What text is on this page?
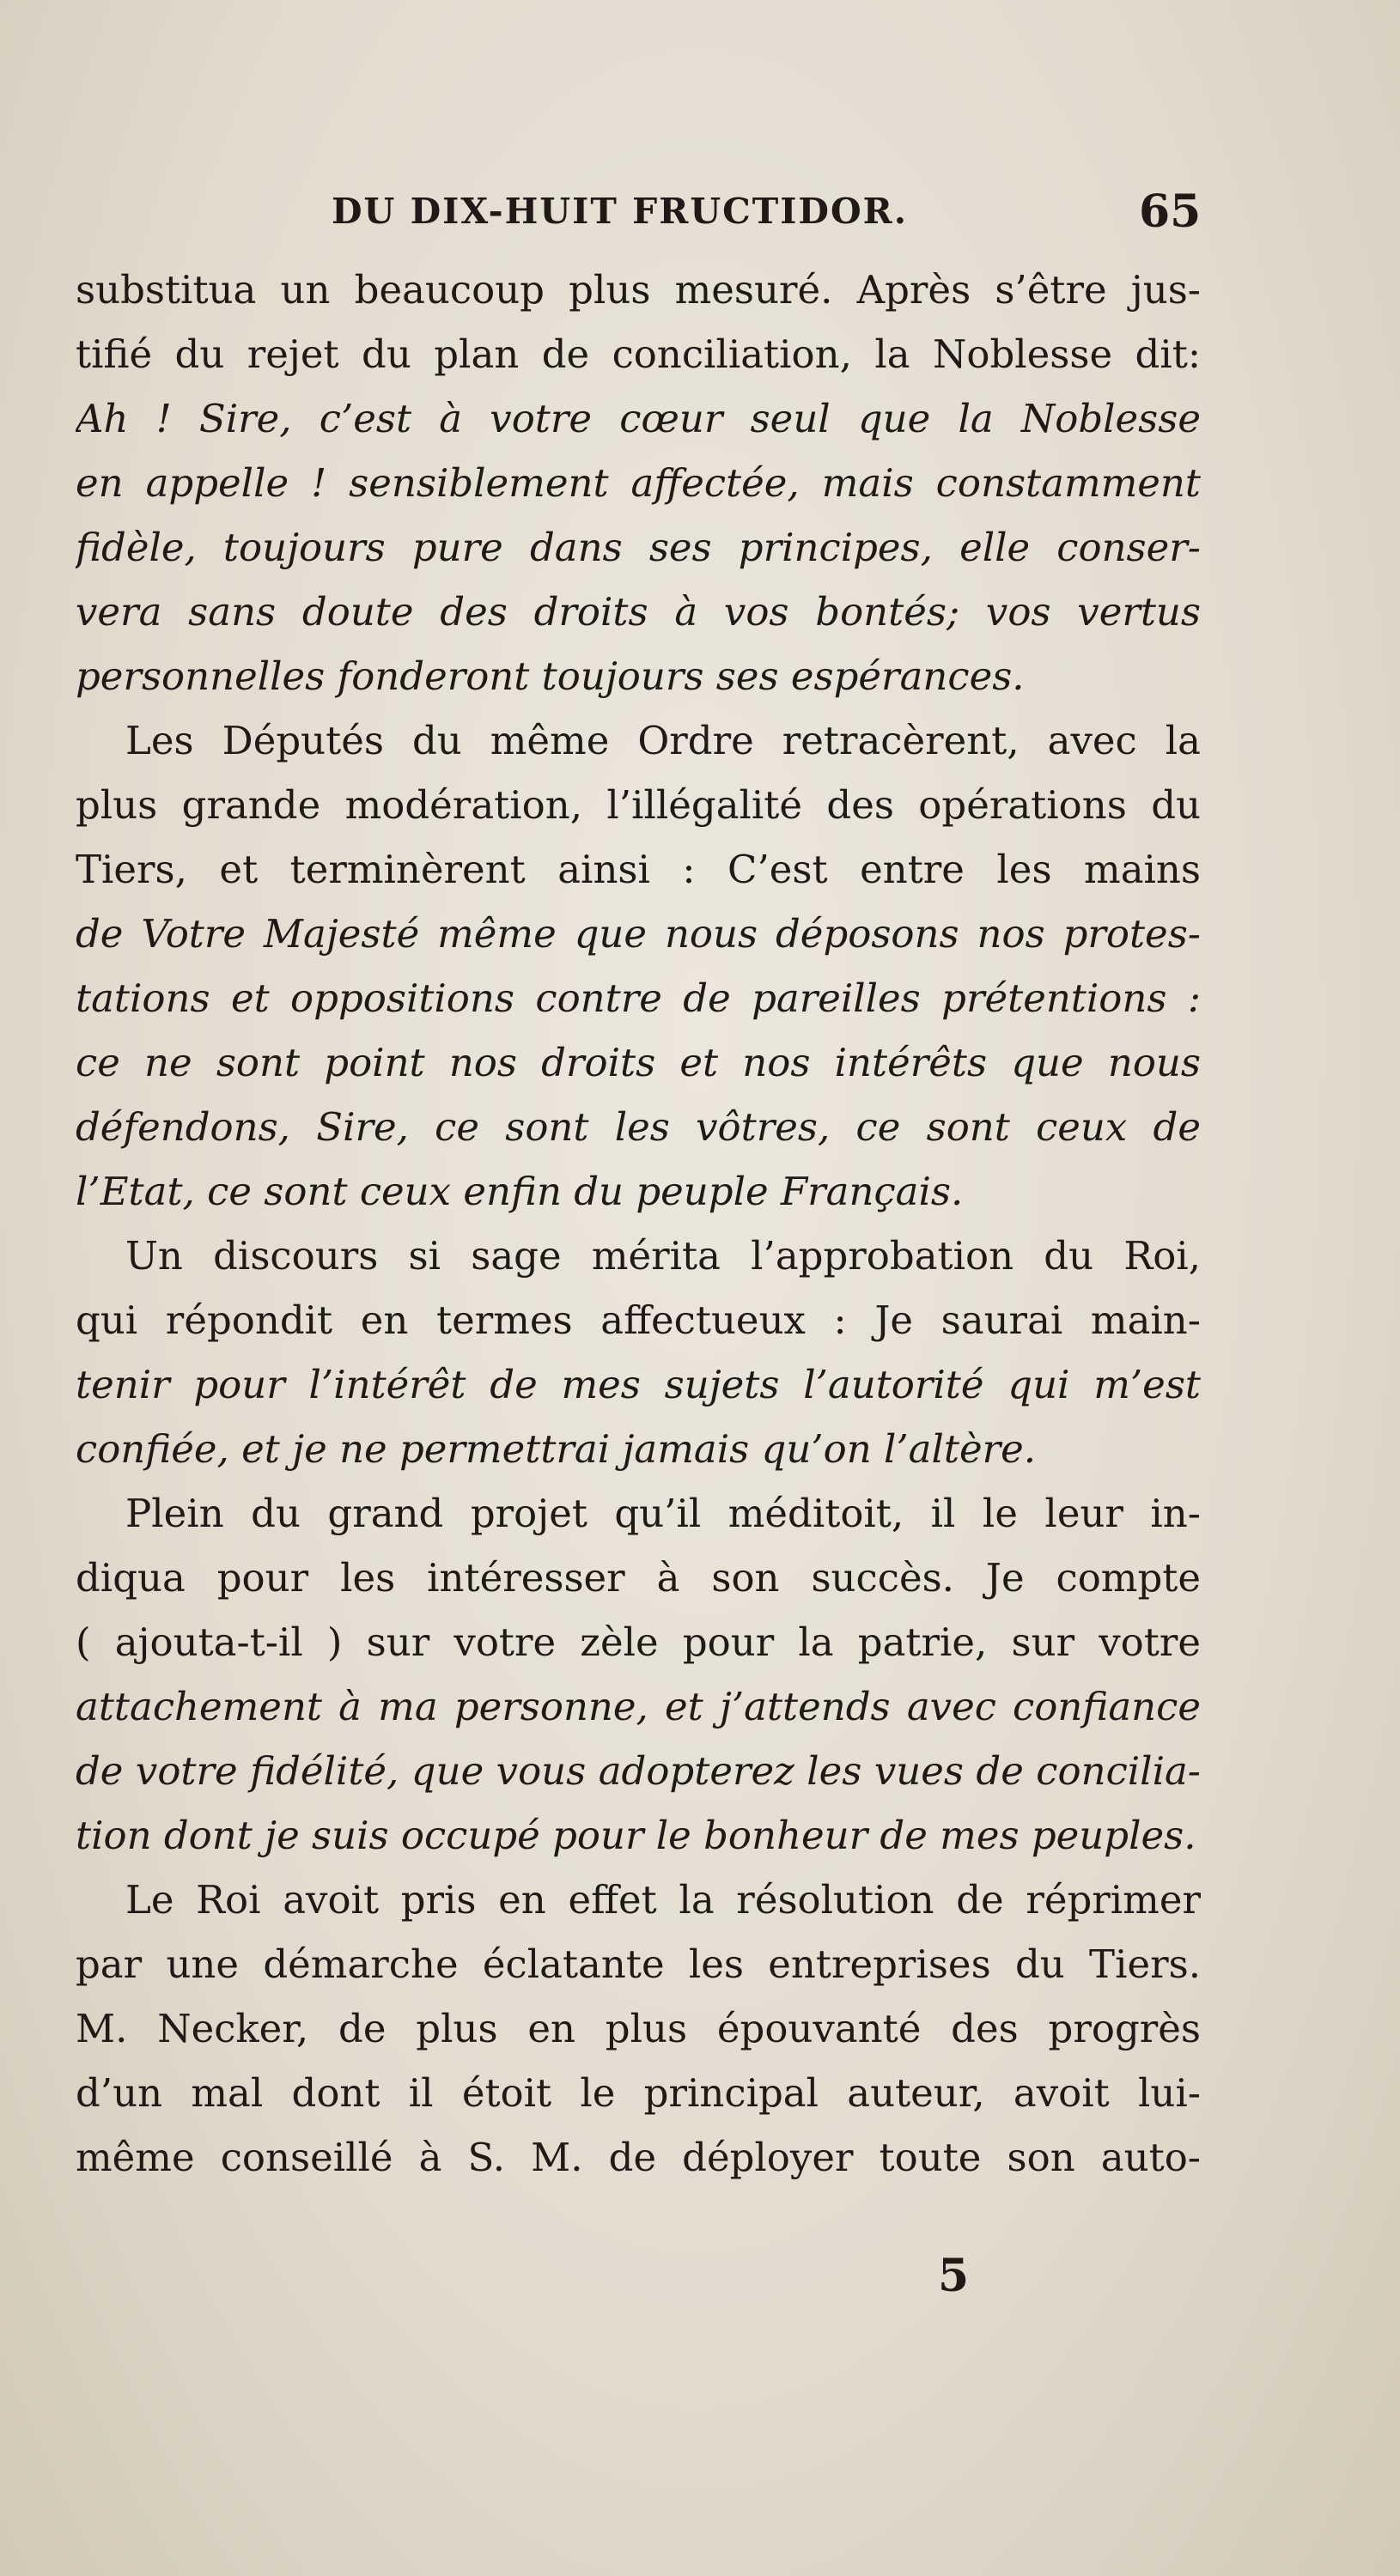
DU DIX-HUIT FRUCTIDOR.	65
substitua un beaucoup plus mesuré. Après s’être jus-
tifié du rejet du plan de conciliation, la Noblesse dit:
Ah ! Sire, c’est à votre cœur seul que la Noblesse
en appelle ! sensiblement affectée, mais constamment
fidèle, toujours pure dans ses principes, elle conser-
vera sans doute des droits à vos bontés; vos vertus
personnelles fonderont toujours ses espérances.
Les Députés du même Ordre retracèrent, avec la
plus grande modération, l’illégalité des opérations du
Tiers, et terminèrent ainsi : C’est entre les mains
de Votre Majesté même que nous déposons nos protes-
tations et oppositions contre de pareilles prétentions :
ce ne sont point nos droits et nos intérêts que nous
défendons, Sire, ce sont les vôtres, ce sont ceux de
l’Etat, ce sont ceux enfin du peuple Français.
Un discours si sage mérita l’approbation du Roi,
qui répondit en termes affectueux : Je saurai main-
tenir pour l’intérêt de mes sujets l’autorité qui m’est
confiée, et je ne permettrai jamais qu’on l’altère.
Plein du grand projet qu’il méditoit, il le leur in-
diqua pour les intéresser à son succès. Je compte
( ajouta-t-il ) sur votre zèle pour la patrie, sur votre
attachement à ma personne, et j’attends avec confiance
de votre fidélité, que vous adopterez les vues de concilia-
tion dont je suis occupé pour le bonheur de mes peuples.
Le Roi avoit pris en effet la résolution de réprimer
par une démarche éclatante les entreprises du Tiers.
M. Necker, de plus en plus épouvanté des progrès
d’un mal dont il étoit le principal auteur, avoit lui-
même conseillé à S. M. de déployer toute son auto-
5
